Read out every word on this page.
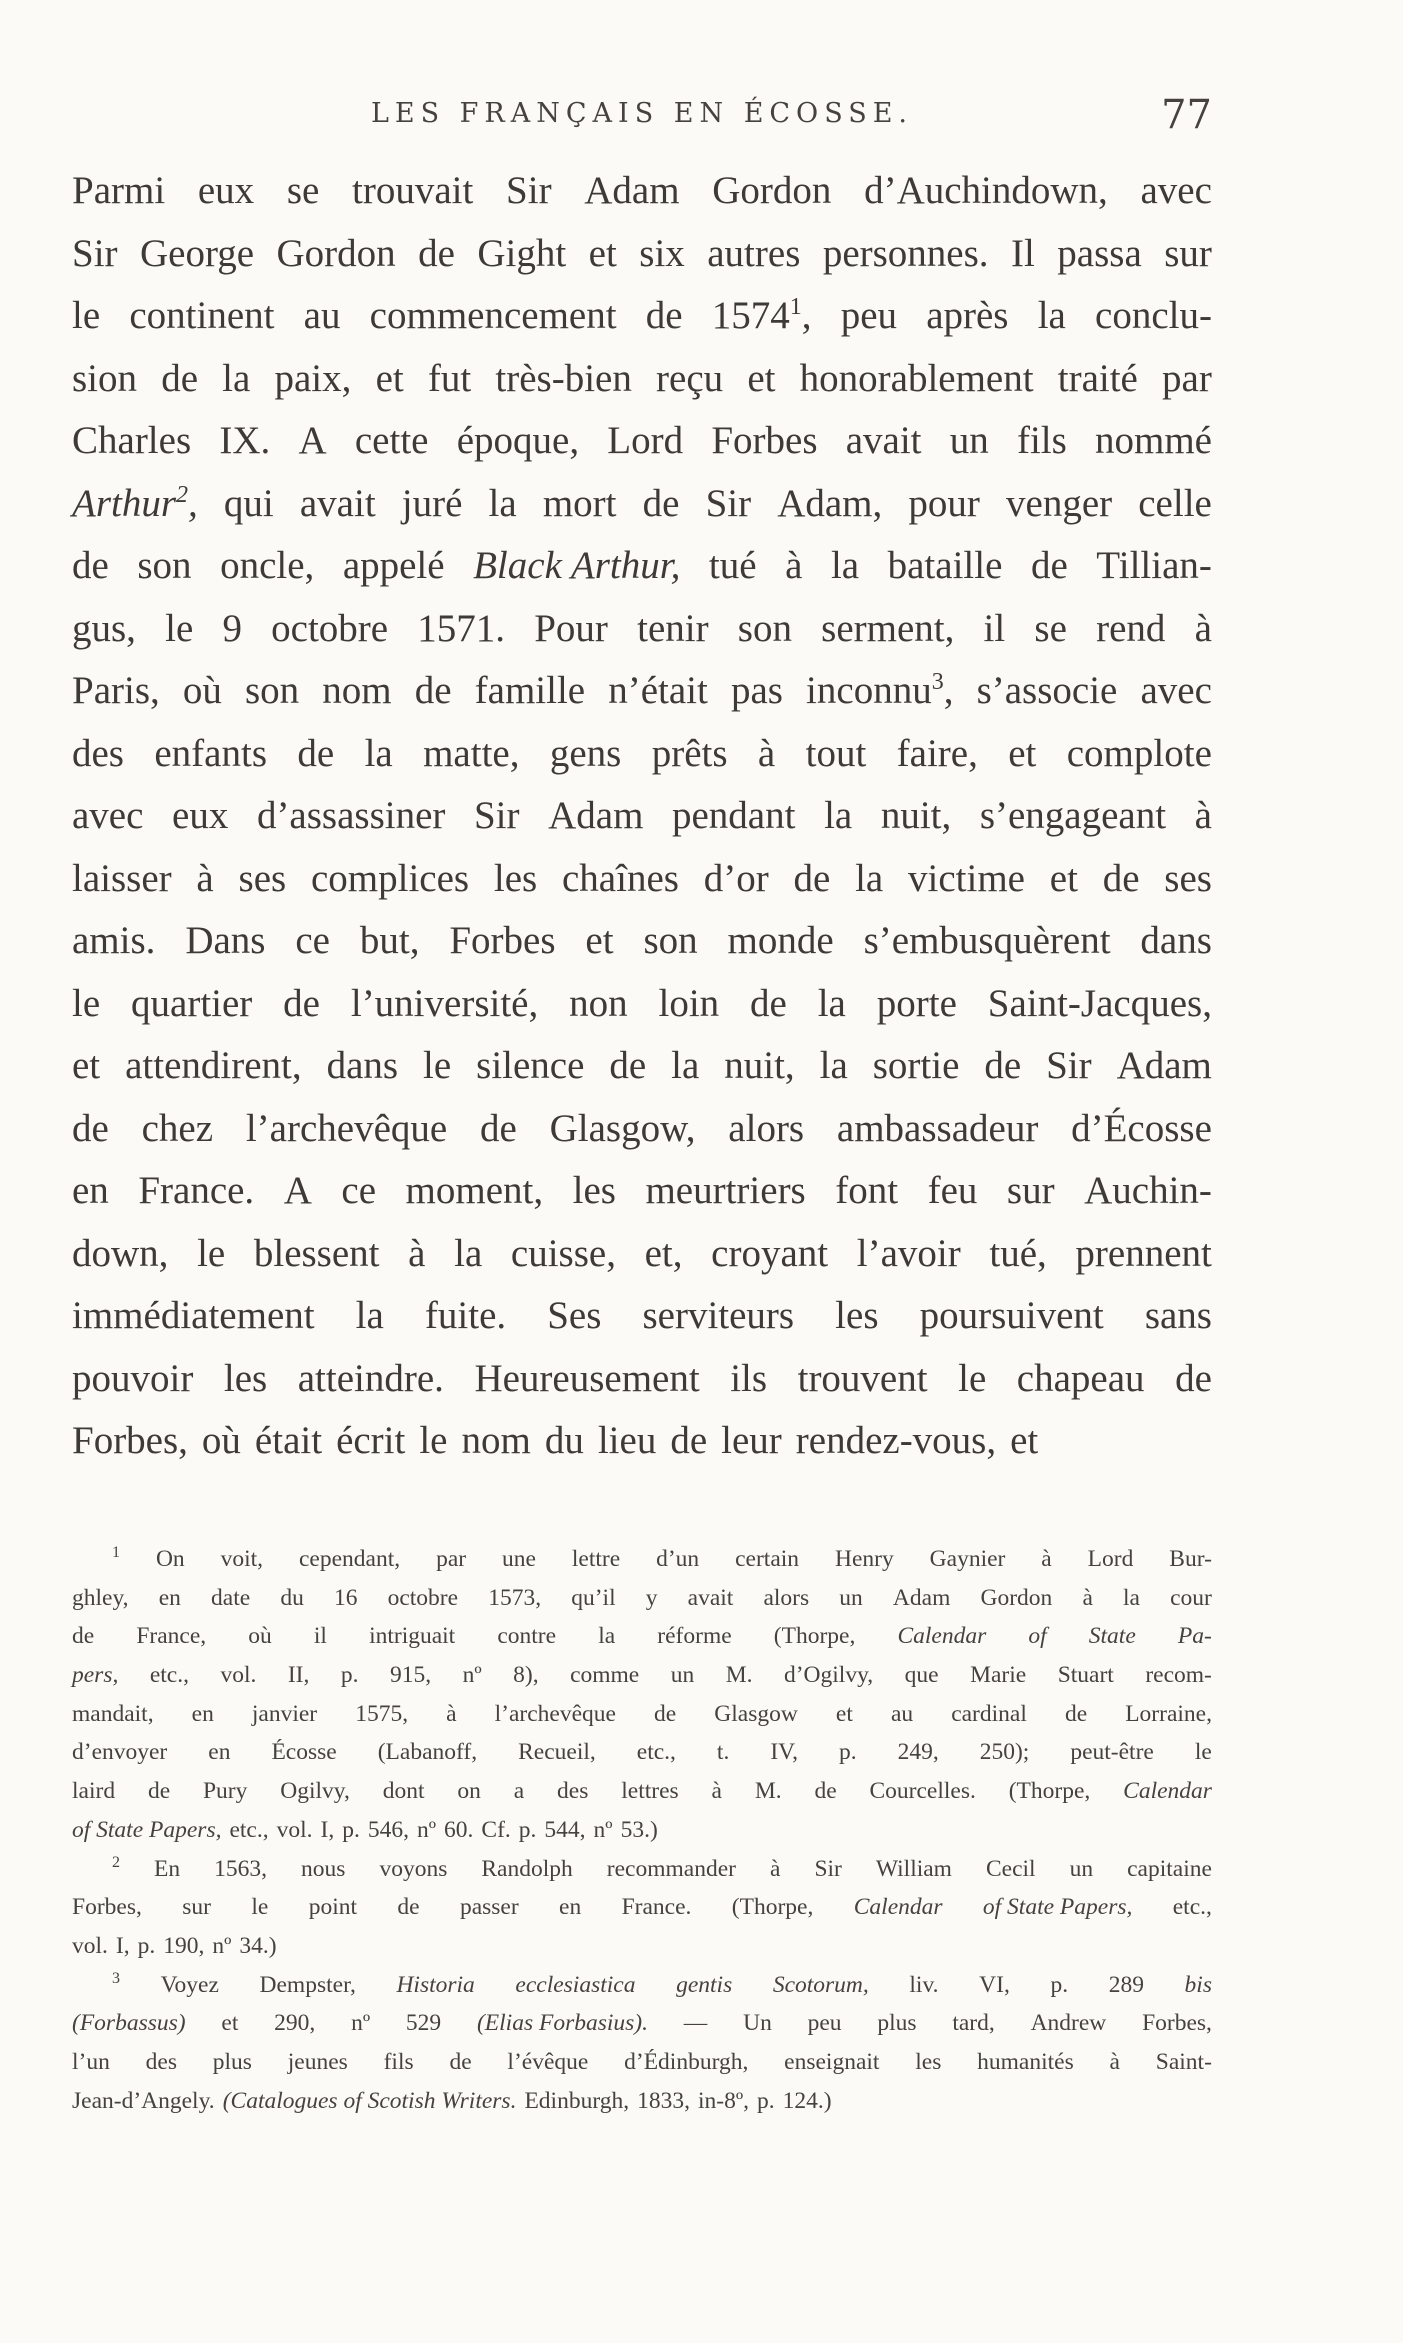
LES FRANÇAIS EN ÉCOSSE.	77
Parmi eux se trouvait Sir Adam Gordon d’Auchindown, avec
Sir George Gordon de Gight et six autres personnes. Il passa sur
le continent au commencement de 1574$^1$, peu après la conclu-
sion de la paix, et fut très-bien reçu et honorablement traité par
Charles IX. A cette époque, Lord Forbes avait un fils nommé
Arthur$^2$, qui avait juré la mort de Sir Adam, pour venger celle
de son oncle, appelé Black Arthur, tué à la bataille de Tillian-
gus, le 9 octobre 1571. Pour tenir son serment, il se rend à
Paris, où son nom de famille n’était pas inconnu$^3$, s’associe avec
des enfants de la matte, gens prêts à tout faire, et complote
avec eux d’assassiner Sir Adam pendant la nuit, s’engageant à
laisser à ses complices les chaînes d’or de la victime et de ses
amis. Dans ce but, Forbes et son monde s’embusquèrent dans
le quartier de l’université, non loin de la porte Saint-Jacques,
et attendirent, dans le silence de la nuit, la sortie de Sir Adam
de chez l’archevêque de Glasgow, alors ambassadeur d’Écosse
en France. A ce moment, les meurtriers font feu sur Auchin-
down, le blessent à la cuisse, et, croyant l’avoir tué, prennent
immédiatement la fuite. Ses serviteurs les poursuivent sans
pouvoir les atteindre. Heureusement ils trouvent le chapeau de
Forbes, où était écrit le nom du lieu de leur rendez-vous, et
$^1$ On voit, cependant, par une lettre d’un certain Henry Gaynier à Lord Bur-
ghley, en date du 16 octobre 1573, qu’il y avait alors un Adam Gordon à la cour
de France, où il intriguait contre la réforme (Thorpe, Calendar of State Pa-
pers, etc., vol. II, p. 915, nº 8), comme un M. d’Ogilvy, que Marie Stuart recom-
mandait, en janvier 1575, à l’archevêque de Glasgow et au cardinal de Lorraine,
d’envoyer en Écosse (Labanoff, Recueil, etc., t. IV, p. 249, 250); peut-être le
laird de Pury Ogilvy, dont on a des lettres à M. de Courcelles. (Thorpe, Calendar
of State Papers, etc., vol. I, p. 546, nº 60. Cf. p. 544, nº 53.)
$^2$ En 1563, nous voyons Randolph recommander à Sir William Cecil un capitaine
Forbes, sur le point de passer en France. (Thorpe, Calendar of State Papers, etc.,
vol. I, p. 190, nº 34.)
$^3$ Voyez Dempster, Historia ecclesiastica gentis Scotorum, liv. VI, p. 289 bis
(Forbassus) et 290, nº 529 (Elias Forbasius). — Un peu plus tard, Andrew Forbes,
l’un des plus jeunes fils de l’évêque d’Édinburgh, enseignait les humanités à Saint-
Jean-d’Angely. (Catalogues of Scotish Writers. Edinburgh, 1833, in-8º, p. 124.)
